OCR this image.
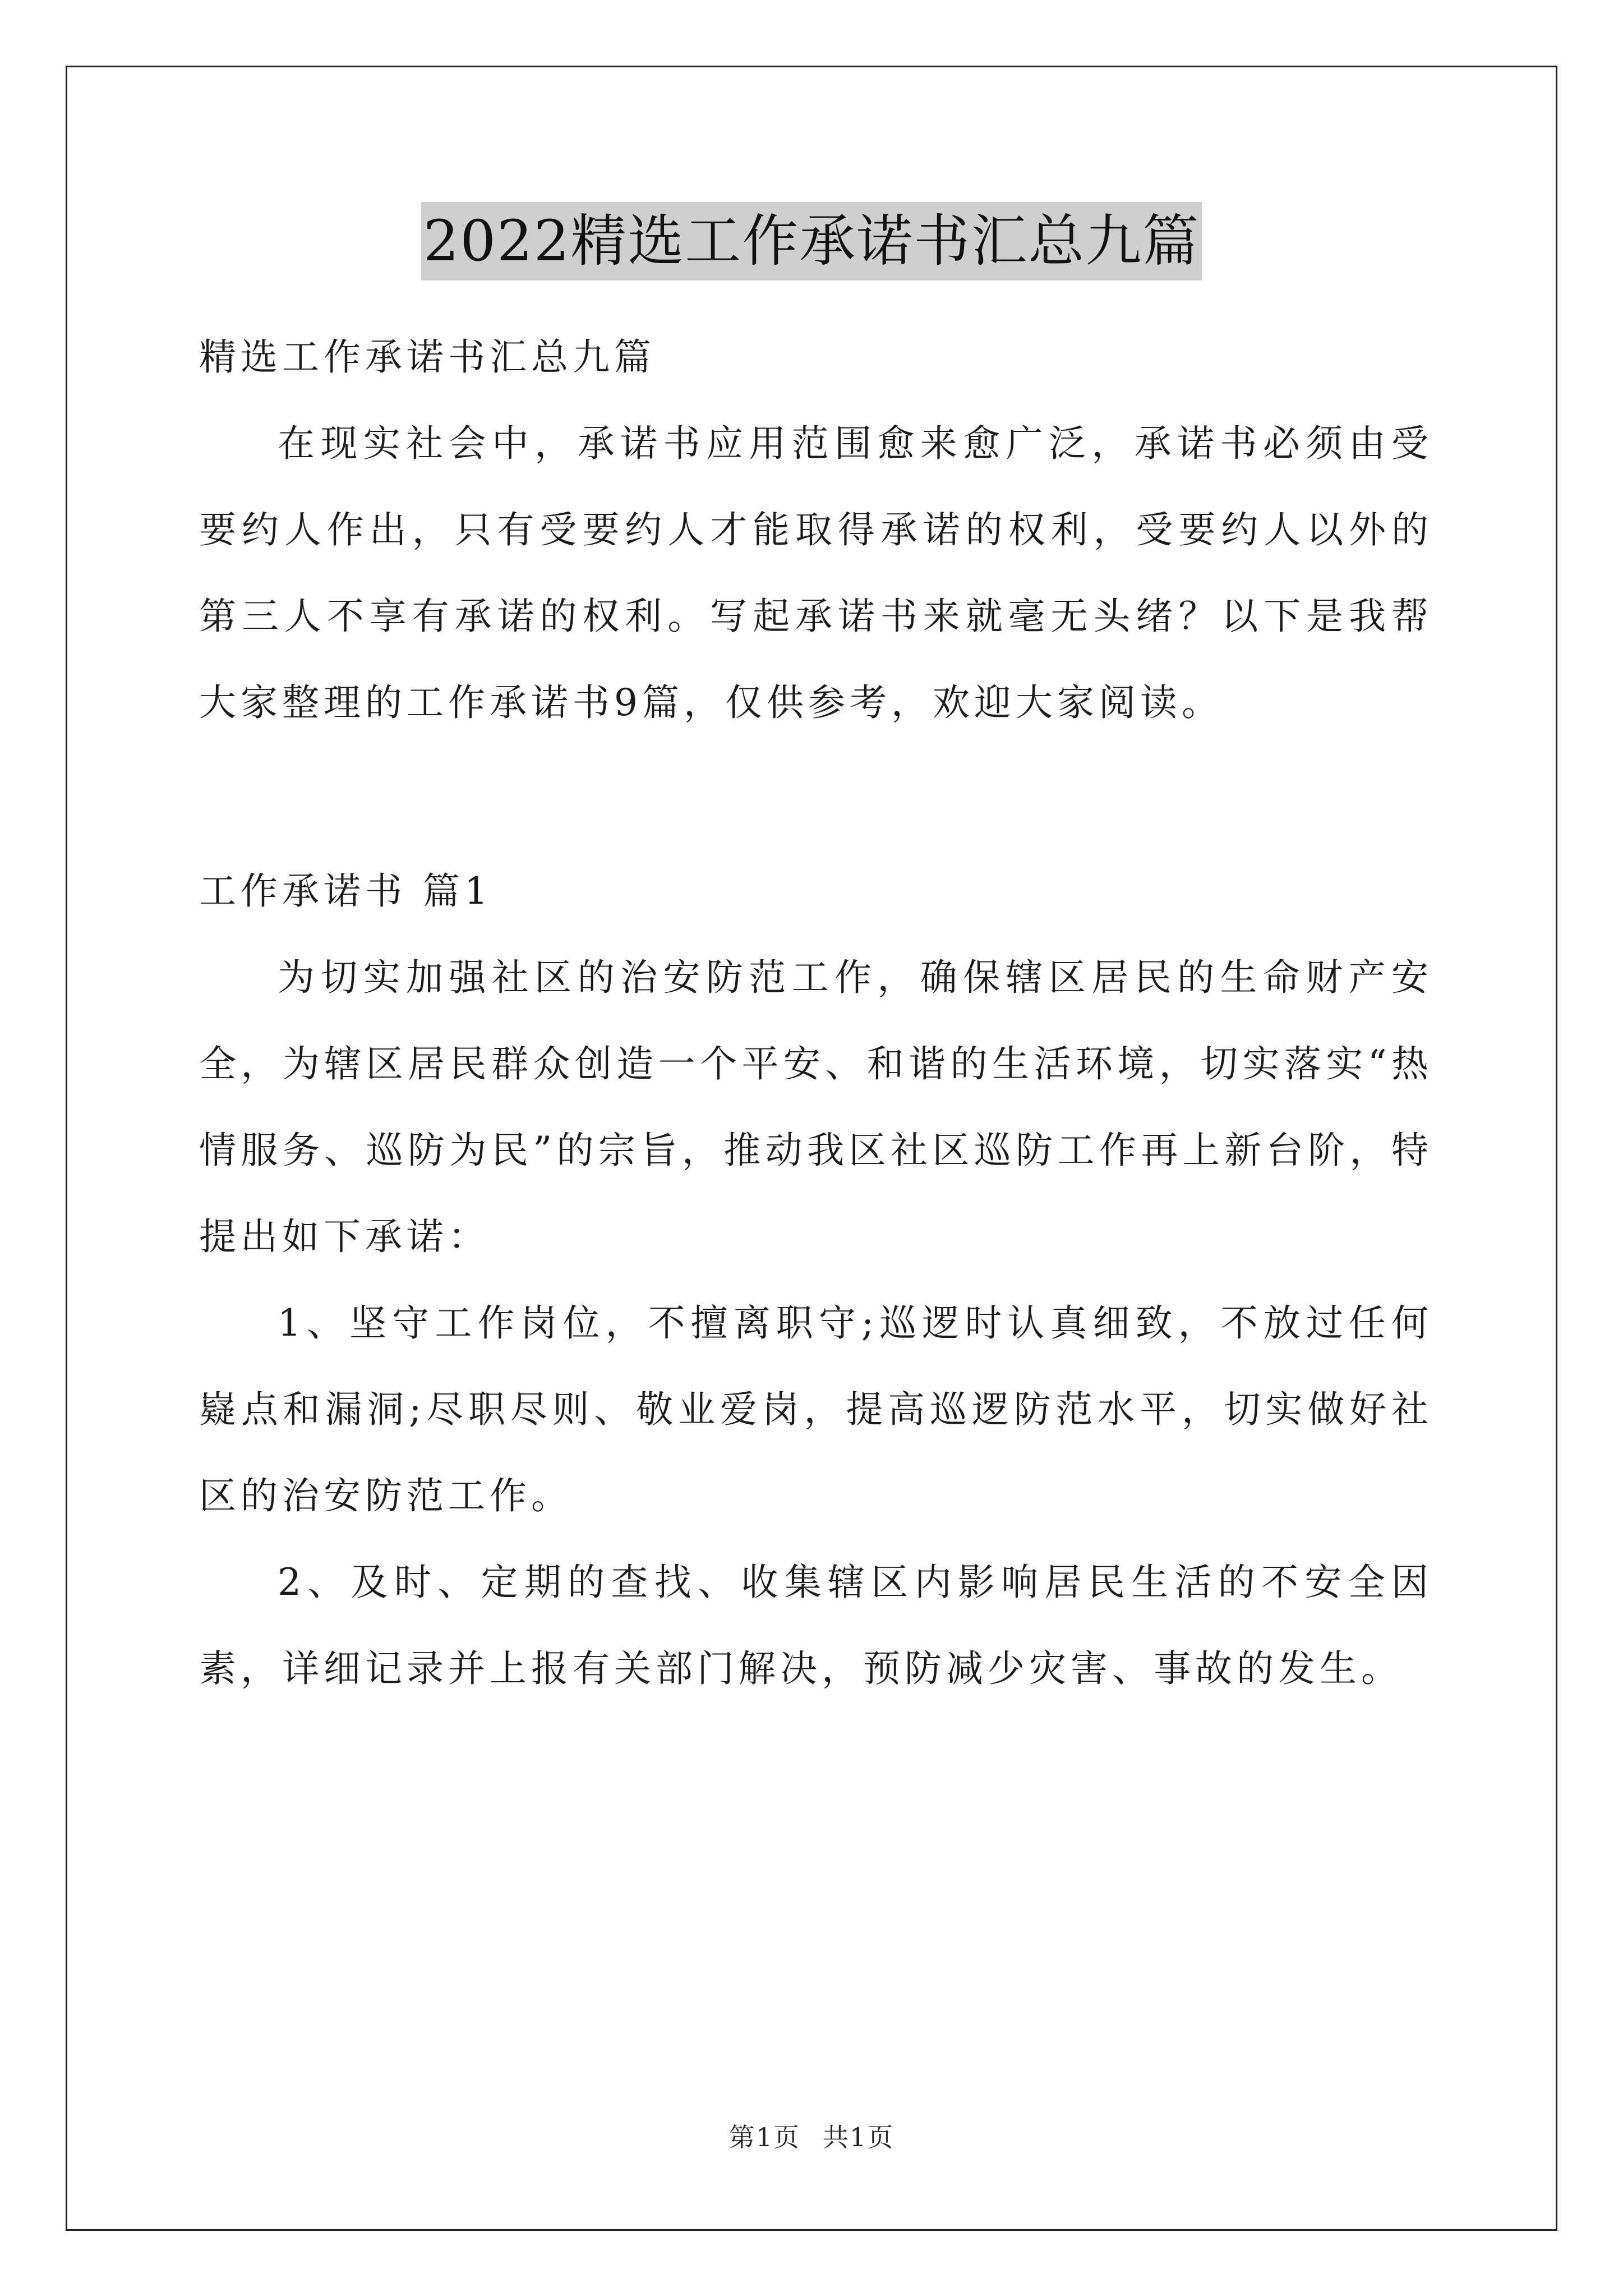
2022精选工作承诺书汇总九篇

精选工作承诺书汇总九篇

在现实社会中，承诺书应用范围愈来愈广泛，承诺书必须由受要约人作出，只有受要约人才能取得承诺的权利，受要约人以外的第三人不享有承诺的权利。写起承诺书来就毫无头绪？以下是我帮大家整理的工作承诺书9篇，仅供参考，欢迎大家阅读。

工作承诺书 篇1

为切实加强社区的治安防范工作，确保辖区居民的生命财产安全，为辖区居民群众创造一个平安、和谐的生活环境，切实落实“热情服务、巡防为民”的宗旨，推动我区社区巡防工作再上新台阶，特提出如下承诺：

1、坚守工作岗位，不擅离职守;巡逻时认真细致，不放过任何嶷点和漏洞;尽职尽则、敬业爱岗，提高巡逻防范水平，切实做好社区的治安防范工作。

2、及时、定期的查找、收集辖区内影响居民生活的不安全因素，详细记录并上报有关部门解决，预防减少灾害、事故的发生。

第1页 共1页
